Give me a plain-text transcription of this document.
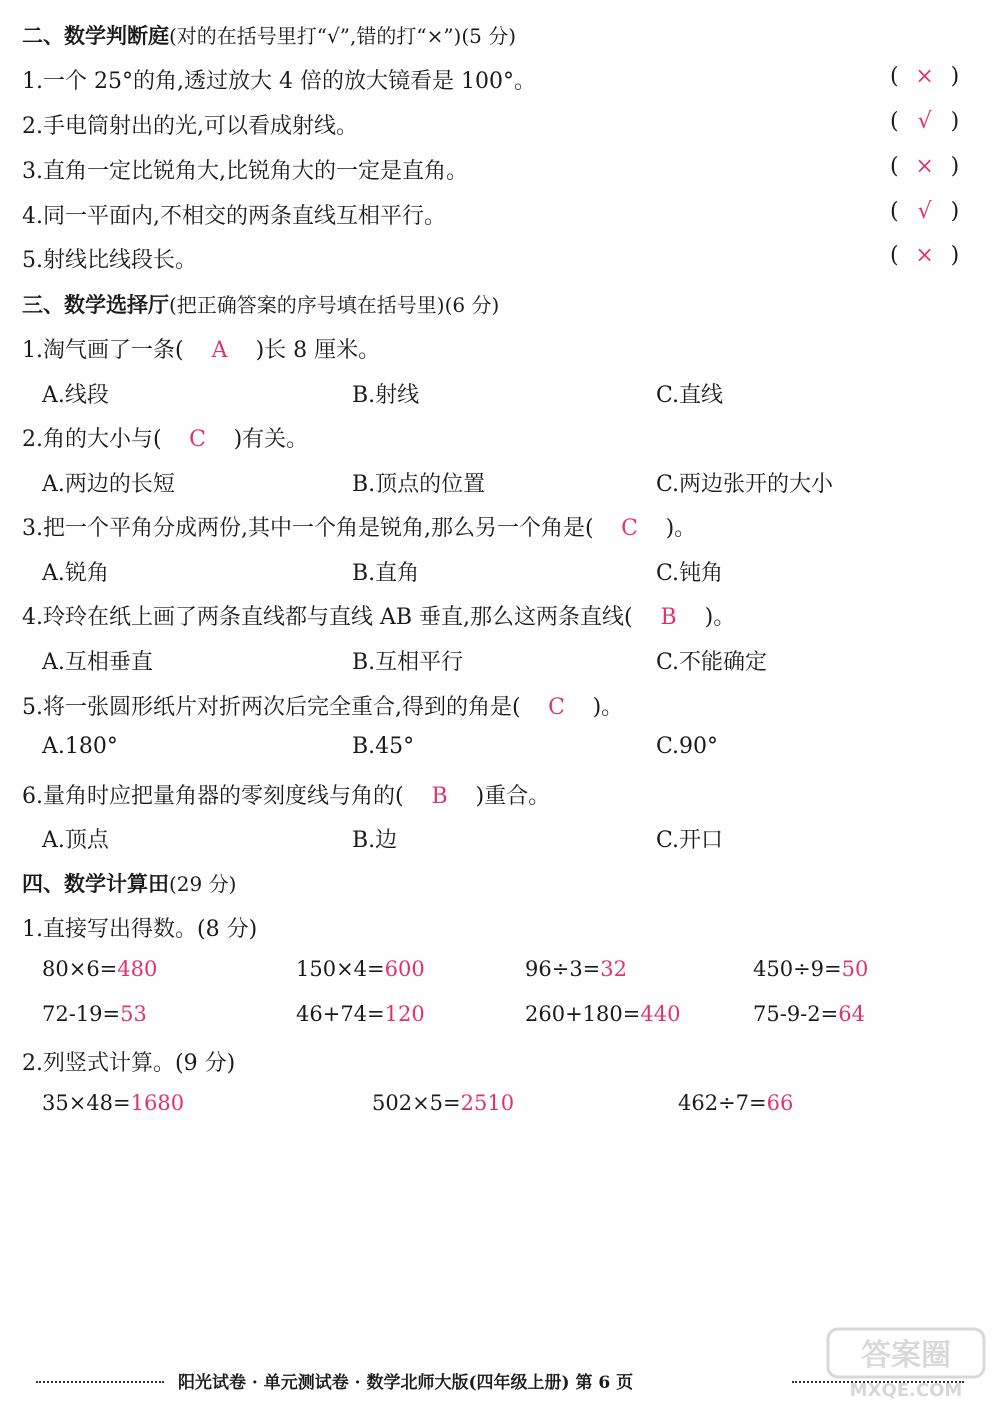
二、数学判断庭(对的在括号里打“√”,错的打“×”)(5 分)
1.一个 25°的角,透过放大 4 倍的放大镜看是 100°。	( × )
2.手电筒射出的光,可以看成射线。	( √ )
3.直角一定比锐角大,比锐角大的一定是直角。	( × )
4.同一平面内,不相交的两条直线互相平行。	( √ )
5.射线比线段长。	( × )
三、数学选择厅(把正确答案的序号填在括号里)(6 分)
1.淘气画了一条( A )长 8 厘米。
A.线段	B.射线	C.直线
2.角的大小与( C )有关。
A.两边的长短	B.顶点的位置	C.两边张开的大小
3.把一个平角分成两份,其中一个角是锐角,那么另一个角是( C )。
A.锐角	B.直角	C.钝角
4.玲玲在纸上画了两条直线都与直线 AB 垂直,那么这两条直线( B )。
A.互相垂直	B.互相平行	C.不能确定
5.将一张圆形纸片对折两次后完全重合,得到的角是( C )。
A.180°	B.45°	C.90°
6.量角时应把量角器的零刻度线与角的( B )重合。
A.顶点	B.边	C.开口
四、数学计算田(29 分)
1.直接写出得数。(8 分)
80×6=480	150×4=600	96÷3=32	450÷9=50
72-19=53	46+74=120	260+180=440	75-9-2=64
2.列竖式计算。(9 分)
35×48=1680	502×5=2510	462÷7=66
阳光试卷 · 单元测试卷 · 数学北师大版(四年级上册) 第 6 页
答案圈
MXQE.COM
